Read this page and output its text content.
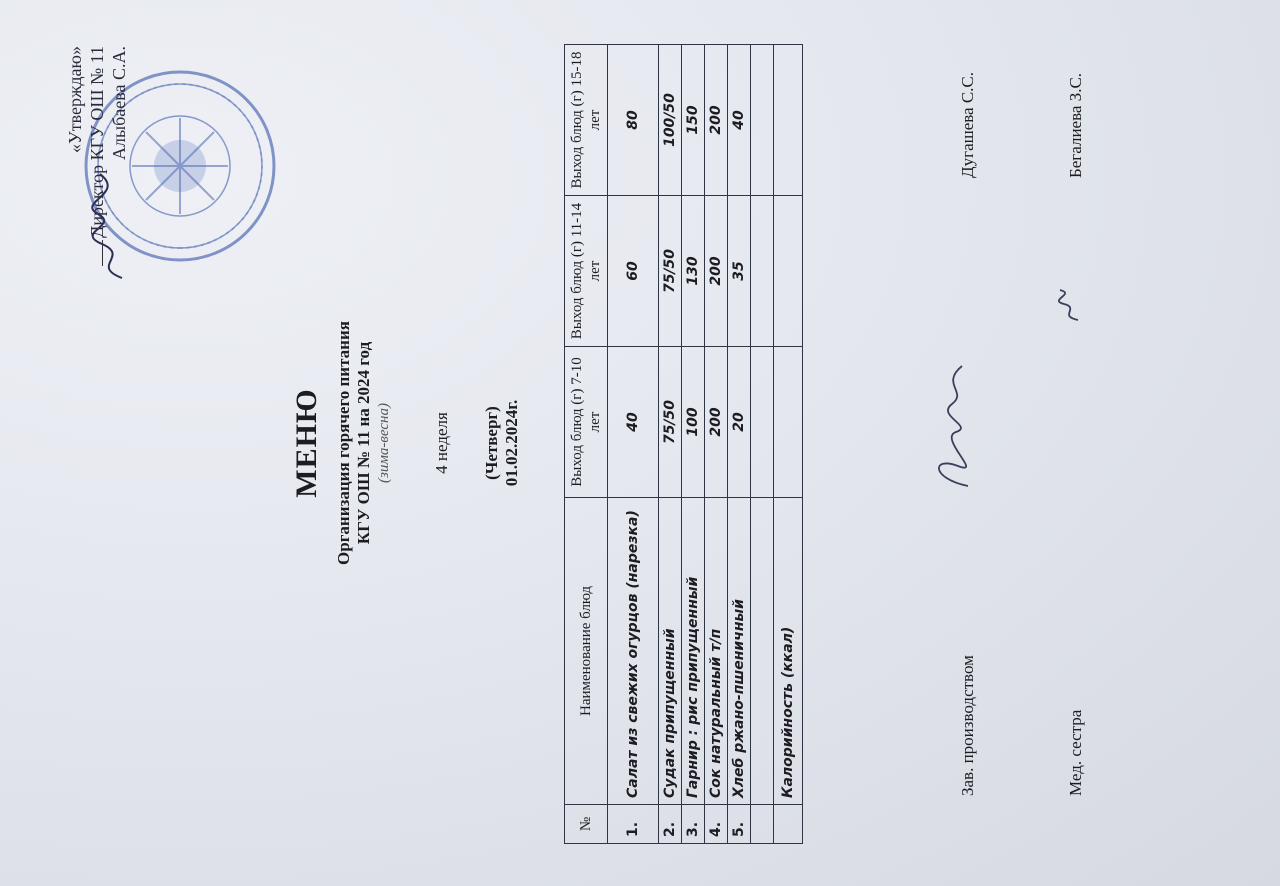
«Утверждаю» Директор КГУ ОШ № 11 Алыбаева С.А.
МЕНЮ Организация горячего питания КГУ ОШ № 11 на 2024 год (зима-весна) 4 неделя (Четверг) 01.02.2024г.
№	Наименование блюд	Выход блюд (г) 7-10 лет	Выход блюд (г) 11-14 лет	Выход блюд (г) 15-18 лет
1.	Салат из свежих огурцов (нарезка)	40	60	80
2.	Судак припущенный	75/50	75/50	100/50
3.	Гарнир : рис припущенный	100	130	150
4.	Сок натуральный т/п	200	200	200
5.	Хлеб ржано-пшеничный	20	35	40

	Калорийность (ккал)				Зав. производством
Дугашева С.С.
Мед. сестра
Бегалиева З.С.
